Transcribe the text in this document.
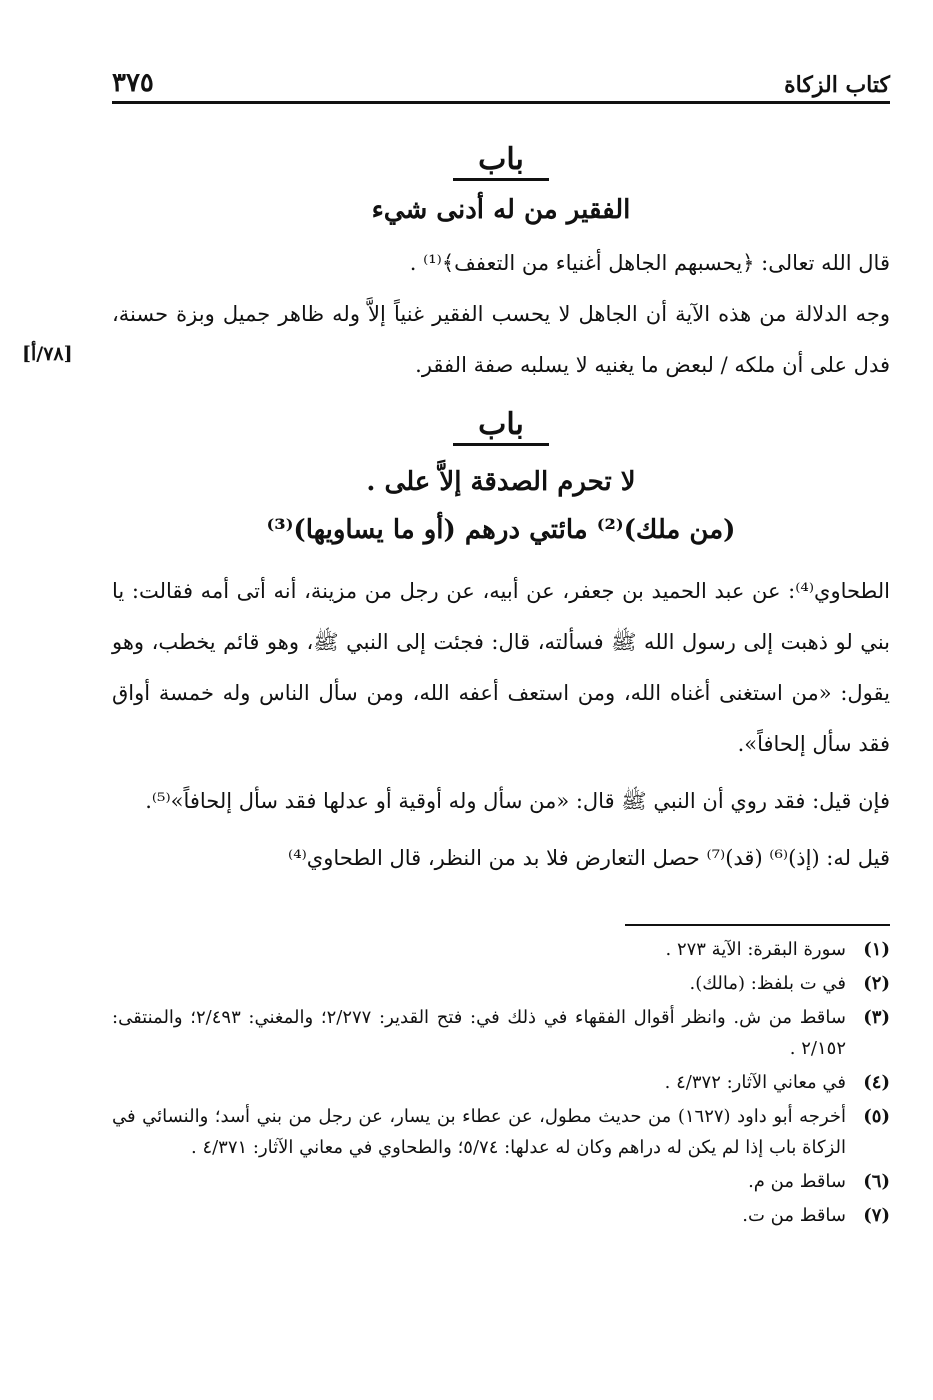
٣٧٥	كتاب الزكاة
باب
الفقير من له أدنى شيء

قال الله تعالى: ﴿يحسبهم الجاهل أغنياء من التعفف﴾⁽¹⁾ .

وجه الدلالة من هذه الآية أن الجاهل لا يحسب الفقير غنياً إلاَّ وله ظاهر جميل وبزة حسنة، فدل على أن ملكه / لبعض ما يغنيه لا يسلبه صفة الفقر.

[٧٨/أ]
باب
لا تحرم الصدقة إلاَّ على .
(من ملك)⁽²⁾ مائتي درهم (أو ما يساويها)⁽³⁾

الطحاوي⁽⁴⁾: عن عبد الحميد بن جعفر، عن أبيه، عن رجل من مزينة، أنه أتى أمه فقالت: يا بني لو ذهبت إلى رسول الله ﷺ فسألته، قال: فجئت إلى النبي ﷺ، وهو قائم يخطب، وهو يقول: «من استغنى أغناه الله، ومن استعف أعفه الله، ومن سأل الناس وله خمسة أواق فقد سأل إلحافاً».

فإن قيل: فقد روي أن النبي ﷺ قال: «من سأل وله أوقية أو عدلها فقد سأل إلحافاً»⁽⁵⁾.

قيل له: (إذ)⁽⁶⁾ (قد)⁽⁷⁾ حصل التعارض فلا بد من النظر، قال الطحاوي⁽⁴⁾

(١)
سورة البقرة: الآية ٢٧٣ .
(٢)
في ت بلفظ: (مالك).
(٣)
ساقط من ش. وانظر أقوال الفقهاء في ذلك في: فتح القدير: ٢/٢٧٧؛ والمغني: ٢/٤٩٣؛ والمنتقى: ٢/١٥٢ .
(٤)
في معاني الآثار: ٤/٣٧٢ .
(٥)
أخرجه أبو داود (١٦٢٧) من حديث مطول، عن عطاء بن يسار، عن رجل من بني أسد؛ والنسائي في الزكاة باب إذا لم يكن له دراهم وكان له عدلها: ٥/٧٤؛ والطحاوي في معاني الآثار: ٤/٣٧١ .
(٦)
ساقط من م.
(٧)
ساقط من ت.
